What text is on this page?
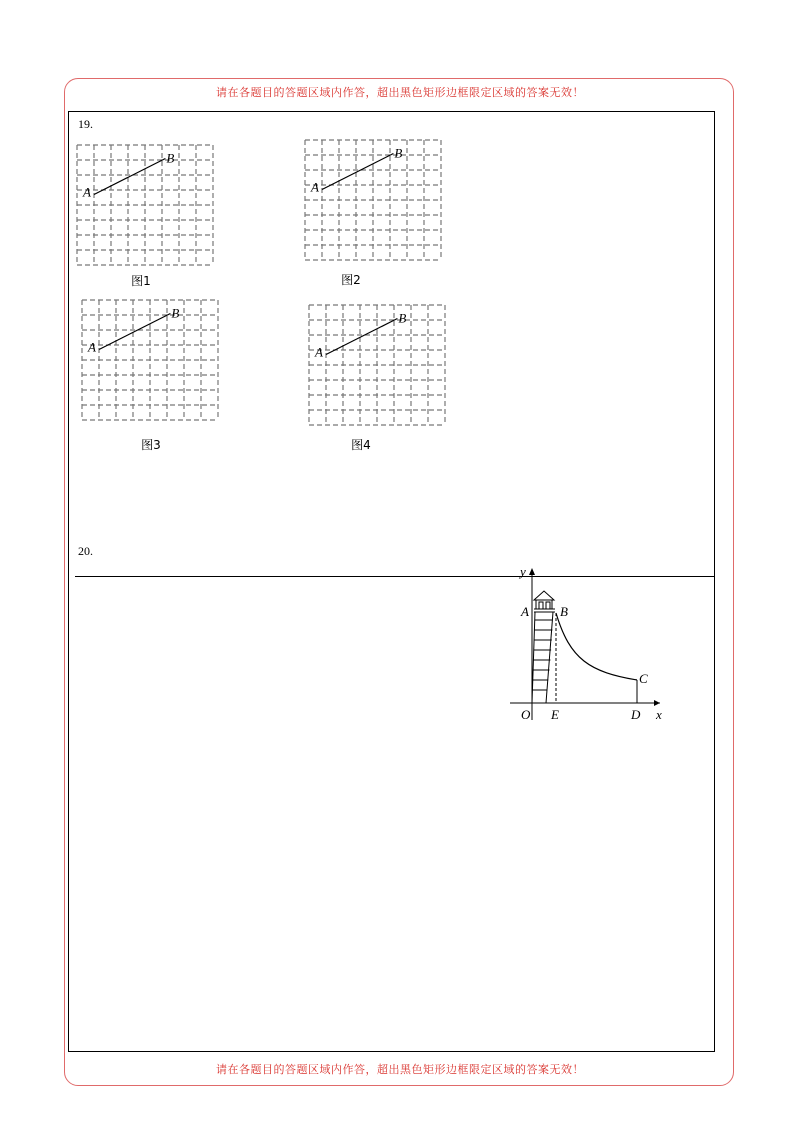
请在各题目的答题区域内作答，超出黑色矩形边框限定区域的答案无效！
19.
A
B
A
B
A
B
A
B
图1	图2
图3	图4
20.
y
x
O
A B
C
D
E
请在各题目的答题区域内作答，超出黑色矩形边框限定区域的答案无效！
